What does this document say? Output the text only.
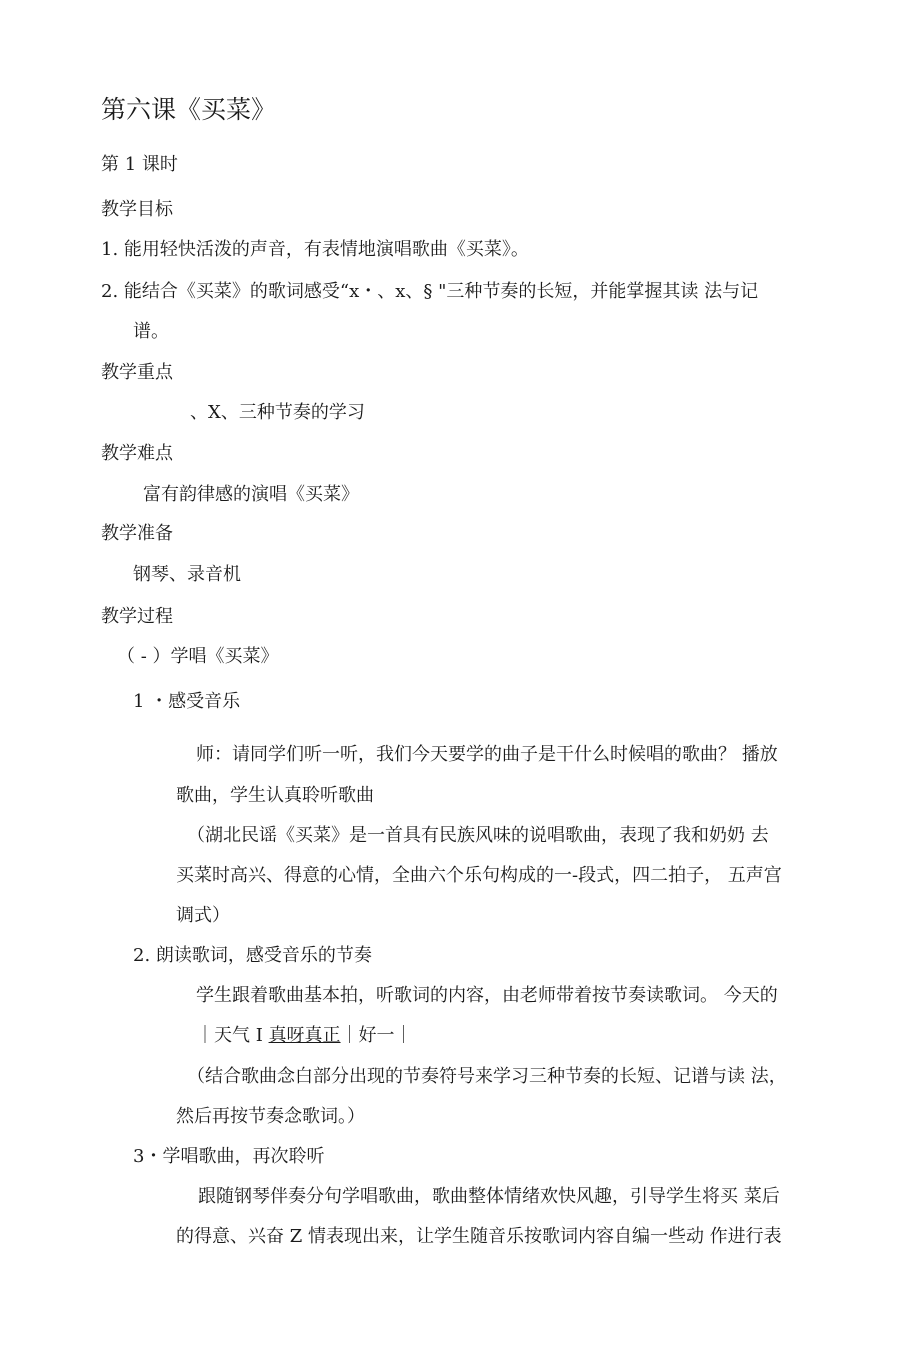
第六课《买菜》
第 1 课时
教学目标
1. 能用轻快活泼的声音，有表情地演唱歌曲《买菜》。
2. 能结合《买菜》的歌词感受“x・、x、§ "三种节奏的长短，并能掌握其读 法与记
谱。
教学重点
、X、三种节奏的学习
教学难点
富有韵律感的演唱《买菜》
教学准备
钢琴、录音机
教学过程
（ - ）学唱《买菜》
1 ・感受音乐
师：请同学们听一听，我们今天要学的曲子是干什么时候唱的歌曲？ 播放
歌曲，学生认真聆听歌曲
（湖北民谣《买菜》是一首具有民族风味的说唱歌曲，表现了我和奶奶 去
买菜时高兴、得意的心情，全曲六个乐句构成的一-段式，四二拍子， 五声宫
调式）
2. 朗读歌词，感受音乐的节奏
学生跟着歌曲基本拍，听歌词的内容，由老师带着按节奏读歌词。 今天的
｜天气 I 真呀真正｜好一｜
（结合歌曲念白部分出现的节奏符号来学习三种节奏的长短、记谱与读 法，
然后再按节奏念歌词。）
3・学唱歌曲，再次聆听
跟随钢琴伴奏分句学唱歌曲，歌曲整体情绪欢快风趣，引导学生将买 菜后
的得意、兴奋 Z 情表现出来，让学生随音乐按歌词内容自编一些动 作进行表
